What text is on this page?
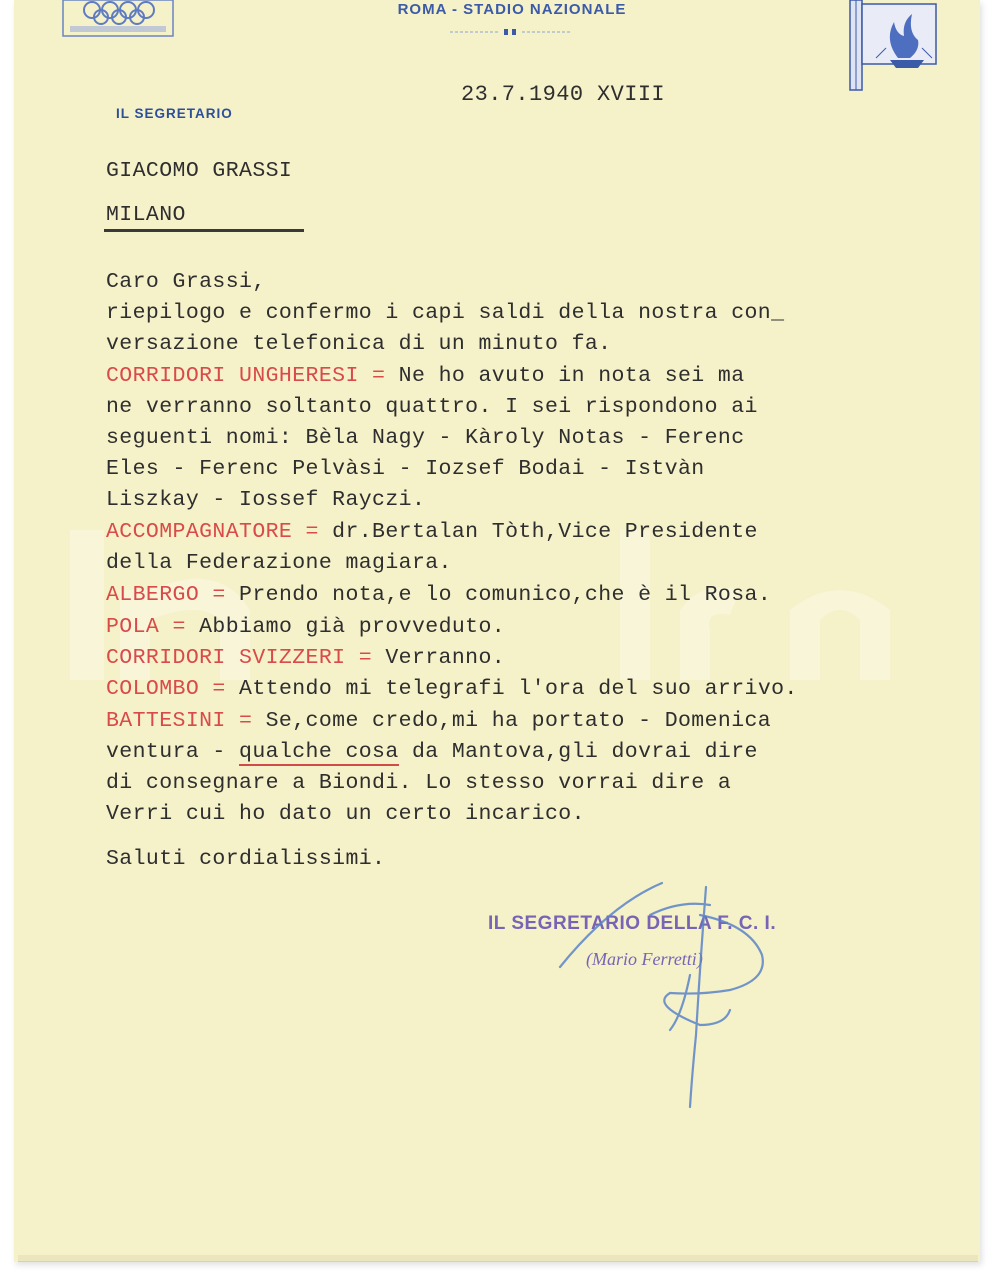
ROMA - STADIO NAZIONALE
IL SEGRETARIO
23.7.1940 XVIII
GIACOMO GRASSI
MILANO

Caro Grassi,

riepilogo e confermo i capi saldi della nostra con_

versazione telefonica di un minuto fa.

CORRIDORI UNGHERESI = Ne ho avuto in nota sei ma

ne verranno soltanto quattro. I sei rispondono ai

seguenti nomi: Bèla Nagy - Kàroly Notas - Ferenc

Eles - Ferenc Pelvàsi - Iozsef Bodai - Istvàn

Liszkay - Iossef Rayczi.

ACCOMPAGNATORE = dr.Bertalan Tòth,Vice Presidente

della Federazione magiara.

ALBERGO = Prendo nota,e lo comunico,che è il Rosa.

POLA = Abbiamo già provveduto.

CORRIDORI SVIZZERI = Verranno.

COLOMBO = Attendo mi telegrafi l'ora del suo arrivo.

BATTESINI = Se,come credo,mi ha portato - Domenica

ventura - qualche cosa da Mantova,gli dovrai dire

di consegnare a Biondi. Lo stesso vorrai dire a

Verri cui ho dato un certo incarico.

Saluti cordialissimi.
IL SEGRETARIO DELLA F. C. I.
(Mario Ferretti)
